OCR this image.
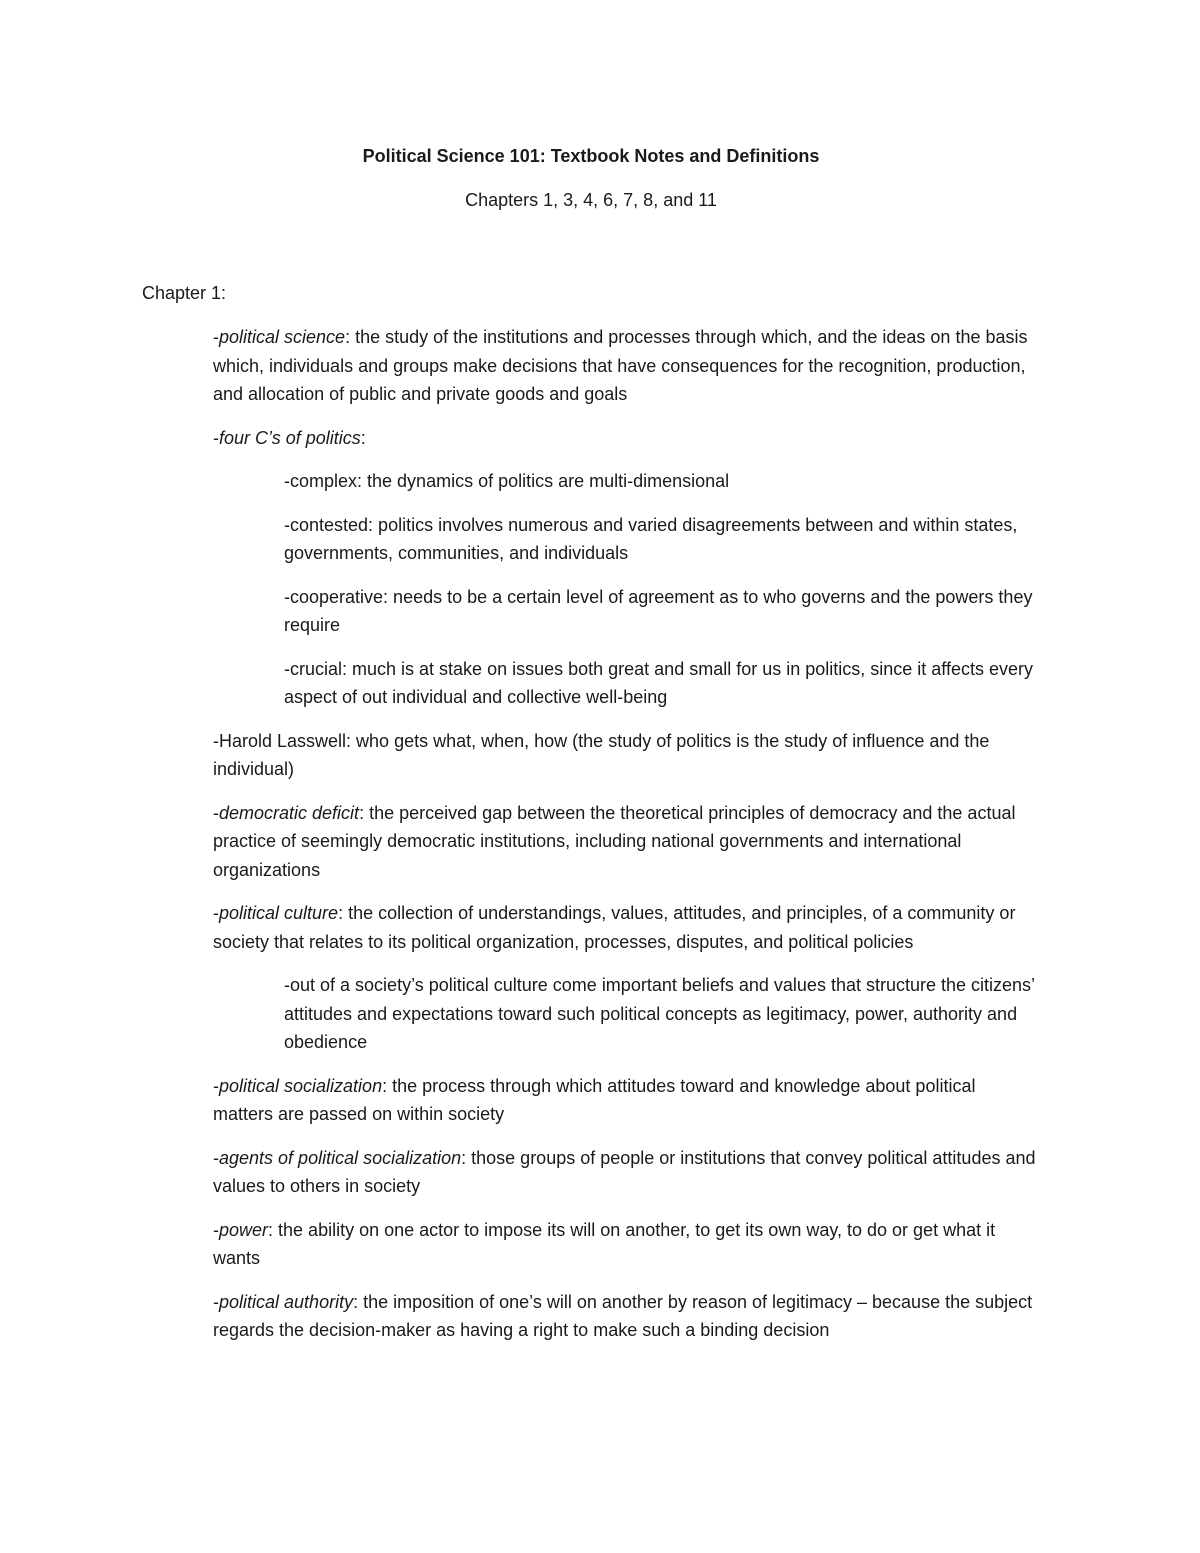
Political Science 101: Textbook Notes and Definitions
Chapters 1, 3, 4, 6, 7, 8, and 11
Chapter 1:
-political science: the study of the institutions and processes through which, and the ideas on the basis which, individuals and groups make decisions that have consequences for the recognition, production, and allocation of public and private goods and goals
-four C’s of politics:
-complex: the dynamics of politics are multi-dimensional
-contested: politics involves numerous and varied disagreements between and within states, governments, communities, and individuals
-cooperative: needs to be a certain level of agreement as to who governs and the powers they require
-crucial: much is at stake on issues both great and small for us in politics, since it affects every aspect of out individual and collective well-being
-Harold Lasswell: who gets what, when, how (the study of politics is the study of influence and the individual)
-democratic deficit: the perceived gap between the theoretical principles of democracy and the actual practice of seemingly democratic institutions, including national governments and international organizations
-political culture: the collection of understandings, values, attitudes, and principles, of a community or society that relates to its political organization, processes, disputes, and political policies
-out of a society’s political culture come important beliefs and values that structure the citizens’ attitudes and expectations toward such political concepts as legitimacy, power, authority and obedience
-political socialization: the process through which attitudes toward and knowledge about political matters are passed on within society
-agents of political socialization: those groups of people or institutions that convey political attitudes and values to others in society
-power: the ability on one actor to impose its will on another, to get its own way, to do or get what it wants
-political authority: the imposition of one’s will on another by reason of legitimacy – because the subject regards the decision-maker as having a right to make such a binding decision
